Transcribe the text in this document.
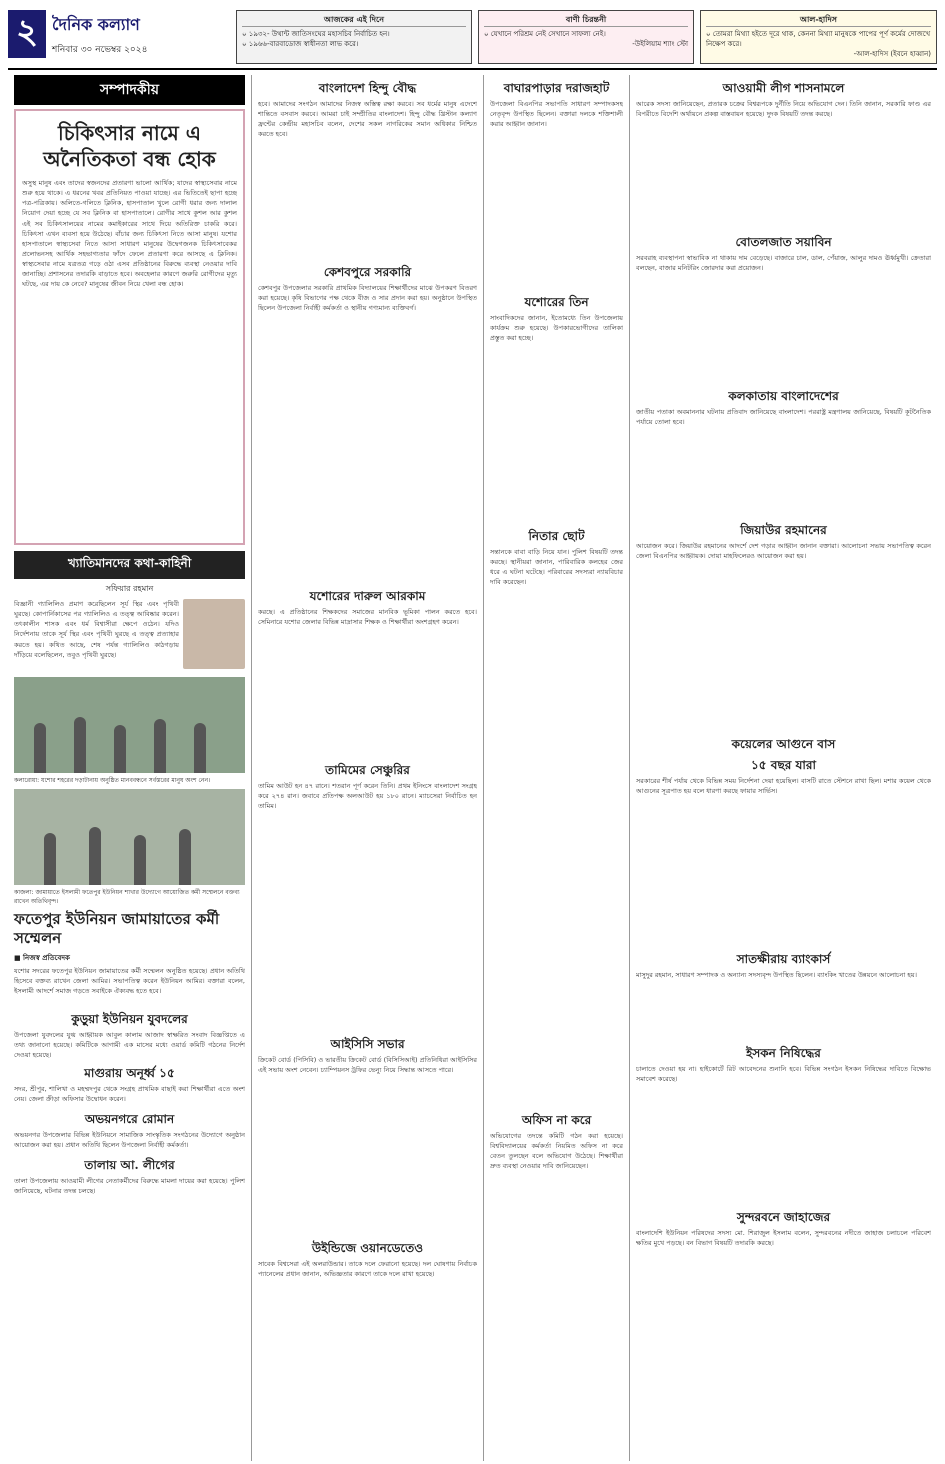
২ দৈনিক কল্যাণ
শনিবার ৩০ নভেম্বর ২০২৪
আজকের এই দিনে
০ ১৯৩২- উথান্ট জাতিসংঘের মহাসচিব নির্বাচিত হন।
০ ১৯৬৬-বারবাডোজ স্বাধীনতা লাভ করে।
বাণী চিরন্তনী
০ যেখানে পরিশ্রম নেই সেখানে সাফল্য নেই।
-উইলিয়াম শ্যাং স্টো
আল-হাদিস
০ তোমরা মিথ্যা হইতে দূরে থাক, কেননা মিথ্যা মানুষকে পাপের পূর্ণ কর্মের দোজখে নিক্ষেপ করে।
-আল-হাদিস (ইবনে হাব্বান)
সম্পাদকীয়
চিকিৎসার নামে এ অনৈতিকতা বন্ধ হোক
অসুস্থ মানুষ এবং তাদের স্বজনদের প্রতারণা ভালো আর্থিক; যাদের স্বাস্থ্যসেবার নামে শুরু হয়ে থাকে। এ ধরনের খবর প্রতিনিয়ত পাওয়া যাচ্ছে। এর ভিতিতেই ছাপা হচ্ছে পত্র-পত্রিকায়। অলিতে-গলিতে ক্লিনিক, হাসপাতাল খুলে রোগী ধরার জন্য দালাল নিয়োগ দেয়া হচ্ছে যে সব ক্লিনিক বা হাসপাতালে। রোগীর সাথে কুশল আর কুশল এই সব চিকিৎসালয়ের নামের কমাইকারের সাথে দিয়ে অতিরিক্ত চাকরি করে। চিকিৎসা এখন ব্যবসা হয়ে উঠেছে। বাঁচার জন্য চিকিৎসা নিতে আসা মানুষ। যশোর হাসপাতালে স্বাস্থ্যসেবা নিতে আসা সাধারণ মানুষের উদ্বেগজনক চিকিৎসাবেকর প্রলোভনসহ আর্থিক সহভাগ্যতার ফাঁদে ফেলে প্রতারণা করে আসছে এ ক্লিনিক। স্বাস্থ্যসেবার নামে যত্রতত্র গড়ে ওঠা এসব প্রতিষ্ঠানের বিরুদ্ধে ব্যবস্থা নেওয়ার দাবি জানাচ্ছি। প্রশাসনের তদারকি বাড়াতে হবে। অবহেলার কারণে জরুরি রোগীদের মৃত্যু ঘটছে, এর দায় কে নেবে? মানুষের জীবন নিয়ে খেলা বন্ধ হোক।
খ্যাতিমানদের কথা-কাহিনী
সফিয়ার রহমান
বিজ্ঞানী গ্যালিলিও প্রমাণ করেছিলেন সূর্য স্থির এবং পৃথিবী ঘুরছে। কোপার্নিকাসের পর গ্যালিলিও এ তত্ত্ব আবিষ্কার করেন। তৎকালীন শাসক এবং ধর্ম বিশ্বাসীরা ক্ষেপে ওঠেন। যদিও নির্দেশনায় তাকে সূর্য স্থির এবং পৃথিবী ঘুরছে এ তত্ত্ব প্রত্যাহার করতে হয়। কথিত আছে, শেষ পর্যন্ত গ্যালিলিও কাঠগড়ায় দাঁড়িয়ে বলেছিলেন, তবুও পৃথিবী ঘুরছে।
কলারোয়া: যশোর শহরের দড়াটানায় অনুষ্ঠিত মানববন্ধনে সর্বস্তরের মানুষ অংশ নেন।
কাজলা: জামায়াতে ইসলামী ফতেপুর ইউনিয়ন শাখার উদ্যোগে আয়োজিত কর্মী সম্মেলনে বক্তব্য রাখেন অতিথিবৃন্দ।
ফতেপুর ইউনিয়ন জামায়াতের কর্মী সম্মেলন
■ নিজস্ব প্রতিবেদক
যশোর সদরের ফতেপুর ইউনিয়ন জামায়াতের কর্মী সম্মেলন অনুষ্ঠিত হয়েছে। প্রধান অতিথি হিসেবে বক্তব্য রাখেন জেলা আমির। সভাপতিত্ব করেন ইউনিয়ন আমির। বক্তারা বলেন, ইসলামী আদর্শে সমাজ গড়তে সবাইকে ঐক্যবদ্ধ হতে হবে।
কুড়ুয়া ইউনিয়ন যুবদলের
উপজেলা যুবদলের যুগ্ম আহ্বায়ক আবুল কালাম আজাদ স্বাক্ষরিত সংবাদ বিজ্ঞপ্তিতে এ তথ্য জানানো হয়েছে। কমিটিকে আগামী এক মাসের মধ্যে ওয়ার্ড কমিটি গঠনের নির্দেশ দেওয়া হয়েছে।
মাগুরায় অনূর্ধ্ব ১৫
সদর, শ্রীপুর, শালিখা ও মহম্মদপুর থেকে সংগ্রহ প্রাথমিক বাছাই করা শিক্ষার্থীরা এতে অংশ নেয়। জেলা ক্রীড়া অফিসার উদ্বোধন করেন।
অভয়নগরে রোমান
অভয়নগর উপজেলার বিভিন্ন ইউনিয়নে সামাজিক সাংস্কৃতিক সংগঠনের উদ্যোগে অনুষ্ঠান আয়োজন করা হয়। প্রধান অতিথি ছিলেন উপজেলা নির্বাহী কর্মকর্তা।
তালায় আ. লীগের
তালা উপজেলায় আওয়ামী লীগের নেতাকর্মীদের বিরুদ্ধে মামলা দায়ের করা হয়েছে। পুলিশ জানিয়েছে, ঘটনার তদন্ত চলছে।
বাংলাদেশ হিন্দু বৌদ্ধ
হবে। আমাদের সংগঠন আমাদের নিজস্ব অস্তিত্ব রক্ষা করবে। সব ধর্মের মানুষ এদেশে শান্তিতে বসবাস করবে। আমরা চাই সম্প্রীতির বাংলাদেশ। হিন্দু বৌদ্ধ খ্রিস্টান কল্যাণ ফ্রন্টের কেন্দ্রীয় মহাসচিব বলেন, দেশের সকল নাগরিকের সমান অধিকার নিশ্চিত করতে হবে।
কেশবপুরে সরকারি
কেশবপুর উপজেলার সরকারি প্রাথমিক বিদ্যালয়ের শিক্ষার্থীদের মাঝে উপকরণ বিতরণ করা হয়েছে। কৃষি বিভাগের পক্ষ থেকে বীজ ও সার প্রদান করা হয়। অনুষ্ঠানে উপস্থিত ছিলেন উপজেলা নির্বাহী কর্মকর্তা ও স্থানীয় গণ্যমান্য ব্যক্তিবর্গ।
যশোরের দারুল আরকাম
করছে। এ প্রতিষ্ঠানের শিক্ষকদের সমাজের মানবিক ভূমিকা পালন করতে হবে। সেমিনারে যশোর জেলার বিভিন্ন মাদ্রাসার শিক্ষক ও শিক্ষার্থীরা অংশগ্রহণ করেন।
তামিমের সেঞ্চুরির
তামিম আউট হন ৪৭ রানে। শতরান পূর্ণ করেন তিনি। প্রথম ইনিংসে বাংলাদেশ সংগ্রহ করে ২৭৪ রান। জবাবে প্রতিপক্ষ অলআউট হয় ১৮০ রানে। ম্যাচসেরা নির্বাচিত হন তামিম।
আইসিসি সভার
ক্রিকেট বোর্ড (পিসিবি) ও ভারতীয় ক্রিকেট বোর্ড (বিসিসিআই) প্রতিনিধিরা আইসিসির এই সভায় অংশ নেবেন। চ্যাম্পিয়নস ট্রফির ভেন্যু নিয়ে সিদ্ধান্ত আসতে পারে।
উইন্ডিজে ওয়ানডেতেও
সাবেক বিশ্বসেরা এই অলরাউন্ডার। তাকে দলে ফেরানো হয়েছে। দল ঘোষণায় নির্বাচক প্যানেলের প্রধান জানান, অভিজ্ঞতার কারণে তাকে দলে রাখা হয়েছে।
বাঘারপাড়ার দরাজহাট
উপজেলা বিএনপির সভাপতি সাধারণ সম্পাদকসহ নেতৃবৃন্দ উপস্থিত ছিলেন। বক্তারা দলকে শক্তিশালী করার আহ্বান জানান।
যশোরের তিন
সাংবাদিকদের জানান, ইতোমধ্যে তিন উপজেলায় কার্যক্রম শুরু হয়েছে। উপকারভোগীদের তালিকা প্রস্তুত করা হচ্ছে।
নিতার ছোট
সন্তানকে বাবা বাড়ি নিয়ে যান। পুলিশ বিষয়টি তদন্ত করছে। স্থানীয়রা জানান, পারিবারিক কলহের জের ধরে এ ঘটনা ঘটেছে। পরিবারের সদস্যরা ন্যায়বিচার দাবি করেছেন।
অফিস না করে
অভিযোগের তদন্তে কমিটি গঠন করা হয়েছে। বিশ্ববিদ্যালয়ের কর্মকর্তা নিয়মিত অফিস না করে বেতন তুলছেন বলে অভিযোগ উঠেছে। শিক্ষার্থীরা দ্রুত ব্যবস্থা নেওয়ার দাবি জানিয়েছেন।
আওয়ামী লীগ শাসনামলে
আরেক সদস্য জানিয়েছেন, প্রতারক চক্রের বিশ্বরূপকে দুর্নীতি নিয়ে অভিযোগ দেন। তিনি জানান, সরকারি ফাণ্ড এর বিপরীতে বিদেশি অর্থায়নে প্রকল্প বাস্তবায়ন হয়েছে। দুদক বিষয়টি তদন্ত করছে।
বোতলজাত সয়াবিন
সরবরাহ ব্যবস্থাপনা স্বাভাবিক না থাকায় দাম বেড়েছে। বাজারে চাল, ডাল, পেঁয়াজ, আলুর দামও ঊর্ধ্বমুখী। ক্রেতারা বলছেন, বাজার মনিটরিং জোরদার করা প্রয়োজন।
কলকাতায় বাংলাদেশের
জাতীয় পতাকা অবমাননার ঘটনায় প্রতিবাদ জানিয়েছে বাংলাদেশ। পররাষ্ট্র মন্ত্রণালয় জানিয়েছে, বিষয়টি কূটনৈতিক পর্যায়ে তোলা হবে।
জিয়াউর রহমানের
আয়োজন করে। জিয়াউর রহমানের আদর্শে দেশ গড়ার আহ্বান জানান বক্তারা। আলোচনা সভায় সভাপতিত্ব করেন জেলা বিএনপির আহ্বায়ক। দোয়া মাহফিলেরও আয়োজন করা হয়।
কয়েলের আগুনে বাস
১৫ বছর যারা
সরকারের শীর্ষ পর্যায় থেকে বিভিন্ন সময় নির্দেশনা দেয়া হয়েছিল। বাসটি রাতে স্টেশনে রাখা ছিল। মশার কয়েল থেকে আগুনের সূত্রপাত হয় বলে ধারণা করছে ফায়ার সার্ভিস।
সাতক্ষীরায় ব্যাংকার্স
মাসুদুর রহমান, সাধারণ সম্পাদক ও অন্যান্য সদস্যবৃন্দ উপস্থিত ছিলেন। ব্যাংকিং খাতের উন্নয়নে আলোচনা হয়।
ইসকন নিষিদ্ধের
চালাতে দেওয়া হয় না। হাইকোর্টে রিট আবেদনের শুনানি হবে। বিভিন্ন সংগঠন ইসকন নিষিদ্ধের দাবিতে বিক্ষোভ সমাবেশ করেছে।
সুন্দরবনে জাহাজের
বাংলাদেশি ইউনিয়ন পরিষদের সদস্য মো. শিরাজুল ইসলাম বলেন, সুন্দরবনের নদীতে জাহাজ চলাচলে পরিবেশ ক্ষতির মুখে পড়ছে। বন বিভাগ বিষয়টি তদারকি করছে।
